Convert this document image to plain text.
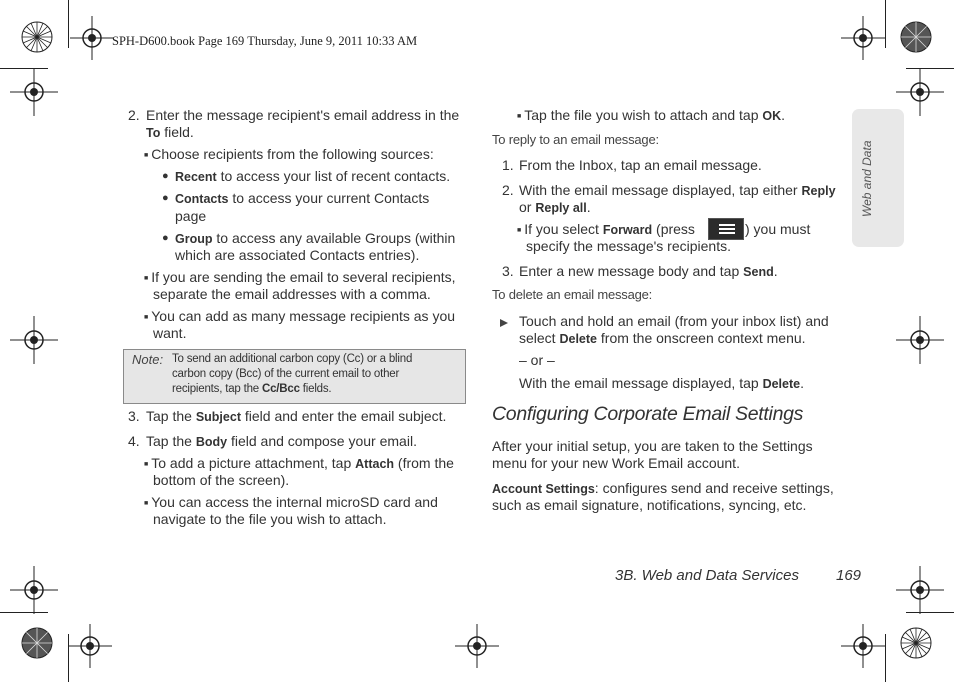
SPH-D600.book Page 169 Thursday, June 9, 2011 10:33 AM
Web and Data
2. Enter the message recipient's email address in the
To field.
■ Choose recipients from the following sources:
● Recent to access your list of recent contacts.
● Contacts to access your current Contacts
page
● Group to access any available Groups (within
which are associated Contacts entries).
■ If you are sending the email to several recipients,
separate the email addresses with a comma.
■ You can add as many message recipients as you
want.
Note: To send an additional carbon copy (Cc) or a blind
carbon copy (Bcc) of the current email to other
recipients, tap the Cc/Bcc fields.
3. Tap the Subject field and enter the email subject.
4. Tap the Body field and compose your email.
■ To add a picture attachment, tap Attach (from the
bottom of the screen).
■ You can access the internal microSD card and
navigate to the file you wish to attach.
■ Tap the file you wish to attach and tap OK.
To reply to an email message:
1. From the Inbox, tap an email message.
2. With the email message displayed, tap either Reply
or Reply all.
■ If you select Forward (press	) you must
specify the message's recipients.
3. Enter a new message body and tap Send.
To delete an email message:
Touch and hold an email (from your inbox list) and
select Delete from the onscreen context menu.
– or –
With the email message displayed, tap Delete.
Configuring Corporate Email Settings
After your initial setup, you are taken to the Settings
menu for your new Work Email account.
Account Settings: configures send and receive settings,
such as email signature, notifications, syncing, etc.
3B. Web and Data Services 169
